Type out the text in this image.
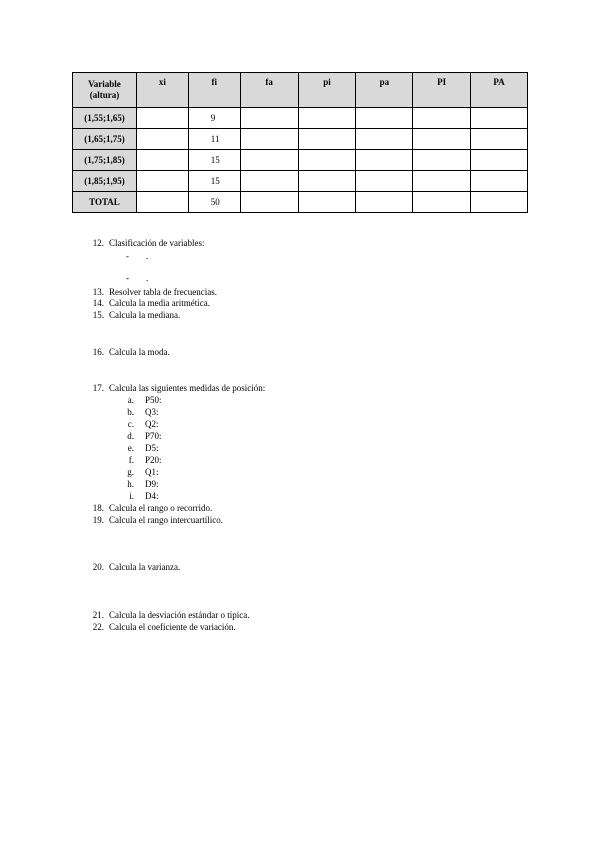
Variable
(altura)	xi	fi	fa	pi	pa	PI	PA
(1,55;1,65)		9					
(1,65;1,75)		11					
(1,75;1,85)		15					
(1,85;1,95)		15					
TOTAL		50					
12. Clasificación de variables:
- .
- .
13. Resolver tabla de frecuencias.
14. Calcula la media aritmética.
15. Calcula la mediana.
16. Calcula la moda.
17. Calcula las siguientes medidas de posición:
a. P50:
b. Q3:
c. Q2:
d. P70:
e. D5:
f. P20:
g. Q1:
h. D9:
i. D4:
18. Calcula el rango o recorrido.
19. Calcula el rango intercuartílico.
20. Calcula la varianza.
21. Calcula la desviación estándar o típica.
22. Calcula el coeficiente de variación.
